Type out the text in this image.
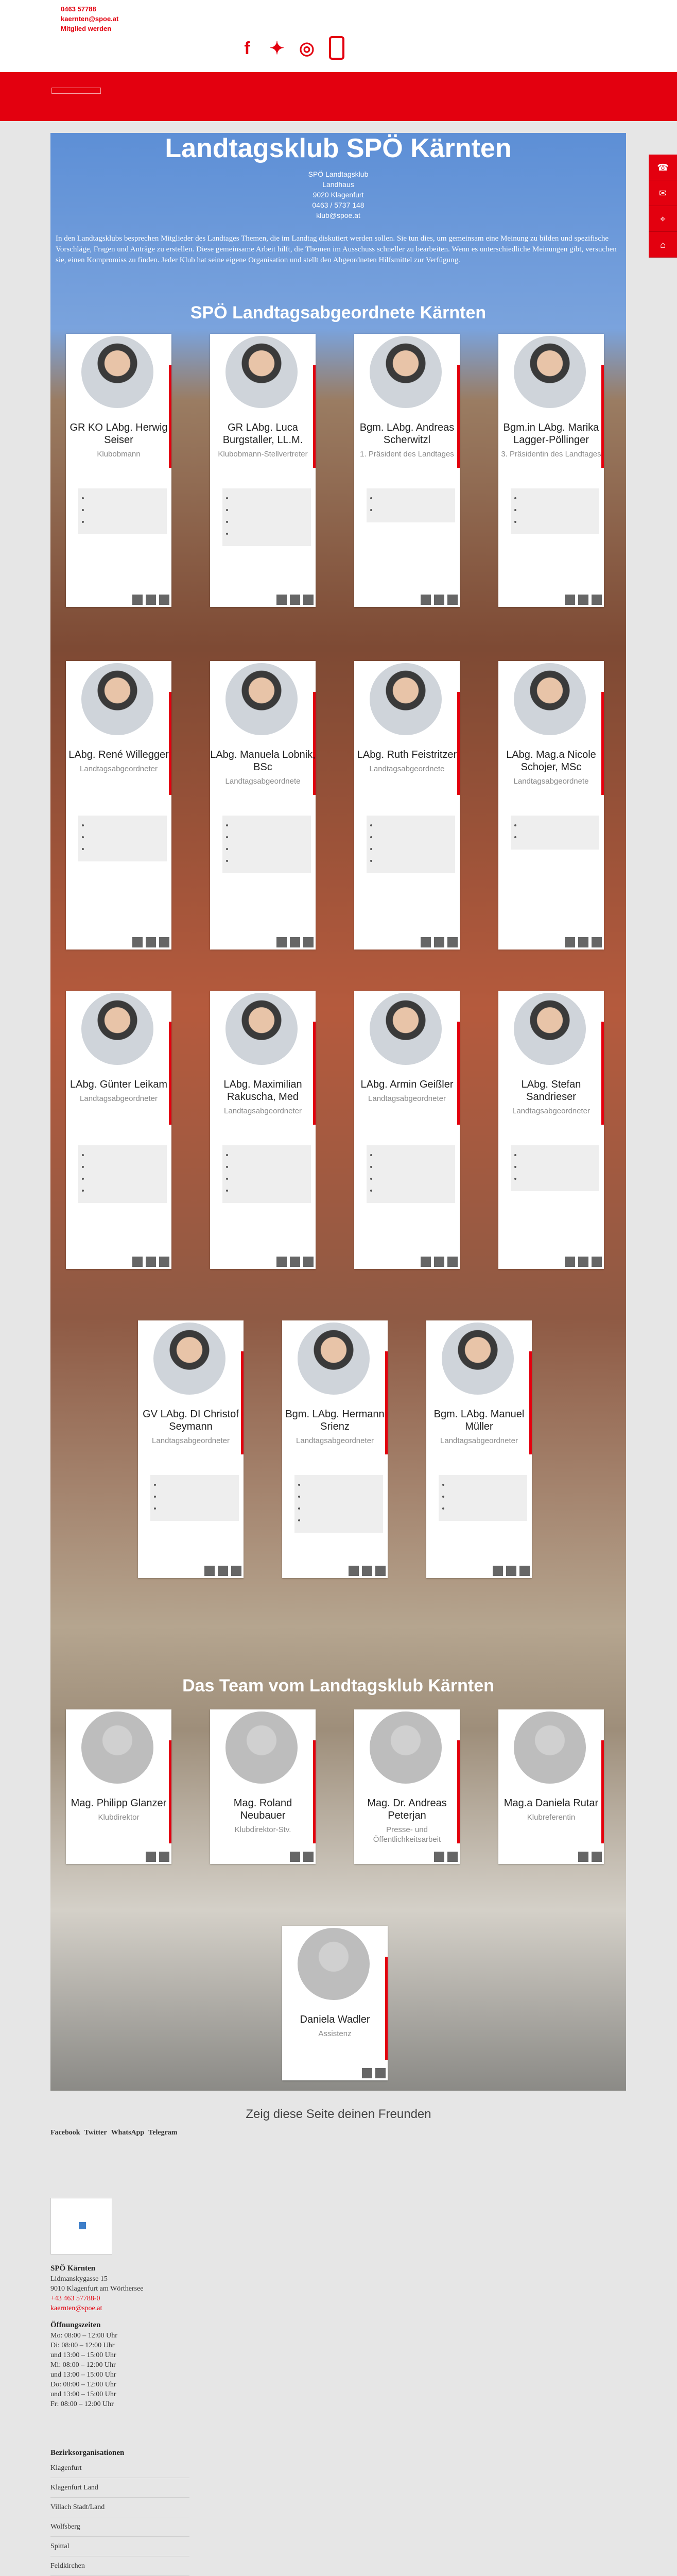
0463 57788
kaernten@spoe.at
Mitglied werden
f	✦ ◎
☎
✉
⌖
⌂
Landtagsklub SPÖ Kärnten
SPÖ Landtagsklub
Landhaus
9020 Klagenfurt
0463 / 5737 148
klub@spoe.at

In den Landtagsklubs besprechen Mitglieder des Landtages Themen, die im Landtag diskutiert werden sollen. Sie tun dies, um gemeinsam eine Meinung zu bilden und spezifische Vorschläge, Fragen und Anträge zu erstellen. Diese gemeinsame Arbeit hilft, die Themen im Ausschuss schneller zu bearbeiten. Wenn es unterschiedliche Meinungen gibt, versuchen sie, einen Kompromiss zu finden. Jeder Klub hat seine eigene Organisation und stellt den Abgeordneten Hilfsmittel zur Verfügung.

SPÖ Landtagsabgeordnete Kärnten
Das Team vom Landtagsklub Kärnten
GR KO LAbg. Herwig Seiser
Klubobmann
•
•
•
GR LAbg. Luca Burgstaller, LL.M.
Klubobmann-Stellvertreter
•
•
•
•
Bgm. LAbg. Andreas Scherwitzl
1. Präsident des Landtages
•
•
Bgm.in LAbg. Marika Lagger-Pöllinger
3. Präsidentin des Landtages
•
•
•
LAbg. René Willegger
Landtagsabgeordneter
•
•
•
LAbg. Manuela Lobnik, BSc
Landtagsabgeordnete
•
•
•
•
LAbg. Ruth Feistritzer
Landtagsabgeordnete
•
•
•
•
LAbg. Mag.a Nicole Schojer, MSc
Landtagsabgeordnete
•
•
LAbg. Günter Leikam
Landtagsabgeordneter
•
•
•
•
LAbg. Maximilian Rakuscha, Med
Landtagsabgeordneter
•
•
•
•
LAbg. Armin Geißler
Landtagsabgeordneter
•
•
•
•
LAbg. Stefan Sandrieser
Landtagsabgeordneter
•
•
•
GV LAbg. DI Christof Seymann
Landtagsabgeordneter
•
•
•
Bgm. LAbg. Hermann Srienz
Landtagsabgeordneter
•
•
•
•
Bgm. LAbg. Manuel Müller
Landtagsabgeordneter
•
•
•
Mag. Philipp Glanzer
Klubdirektor
Mag. Roland Neubauer
Klubdirektor-Stv.
Mag. Dr. Andreas Peterjan
Presse- und Öffentlichkeitsarbeit
Mag.a Daniela Rutar
Klubreferentin
Daniela Wadler
Assistenz
Zeig diese Seite deinen Freunden
Facebook Twitter WhatsApp Telegram
SPÖ Kärnten
Lidmanskygasse 15
9010 Klagenfurt am Wörthersee
+43 463 57788-0
kaernten@spoe.at
Öffnungszeiten
Mo: 08:00 – 12:00 Uhr
Di: 08:00 – 12:00 Uhr
und 13:00 – 15:00 Uhr
Mi: 08:00 – 12:00 Uhr
und 13:00 – 15:00 Uhr
Do: 08:00 – 12:00 Uhr
und 13:00 – 15:00 Uhr
Fr: 08:00 – 12:00 Uhr
Bezirksorganisationen
Klagenfurt
Klagenfurt Land
Villach Stadt/Land
Wolfsberg
Spittal
Feldkirchen
